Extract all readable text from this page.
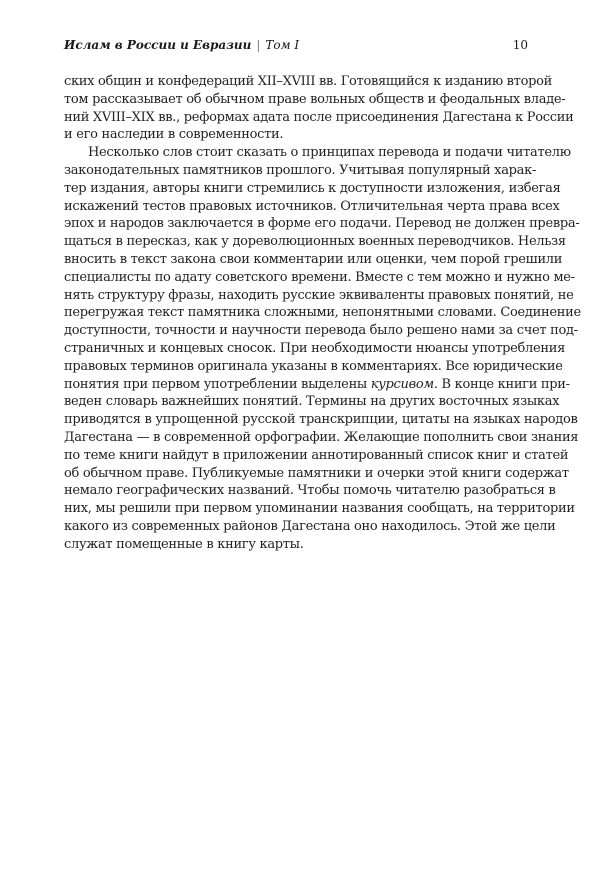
Ислам в России и Евразии | Том I	10
ских общин и конфедераций XII–XVIII вв. Готовящийся к изданию второй
том рассказывает об обычном праве вольных обществ и феодальных владе-
ний XVIII–XIX вв., реформах адата после присоединения Дагестана к России
и его наследии в современности.
Несколько слов стоит сказать о принципах перевода и подачи читателю
законодательных памятников прошлого. Учитывая популярный харак-
тер издания, авторы книги стремились к доступности изложения, избегая
искажений тестов правовых источников. Отличительная черта права всех
эпох и народов заключается в форме его подачи. Перевод не должен превра-
щаться в пересказ, как у дореволюционных военных переводчиков. Нельзя
вносить в текст закона свои комментарии или оценки, чем порой грешили
специалисты по адату советского времени. Вместе с тем можно и нужно ме-
нять структуру фразы, находить русские эквиваленты правовых понятий, не
перегружая текст памятника сложными, непонятными словами. Соединение
доступности, точности и научности перевода было решено нами за счет под-
страничных и концевых сносок. При необходимости нюансы употребления
правовых терминов оригинала указаны в комментариях. Все юридические
понятия при первом употреблении выделены курсивом. В конце книги при-
веден словарь важнейших понятий. Термины на других восточных языках
приводятся в упрощенной русской транскрипции, цитаты на языках народов
Дагестана — в современной орфографии. Желающие пополнить свои знания
по теме книги найдут в приложении аннотированный список книг и статей
об обычном праве. Публикуемые памятники и очерки этой книги содержат
немало географических названий. Чтобы помочь читателю разобраться в
них, мы решили при первом упоминании названия сообщать, на территории
какого из современных районов Дагестана оно находилось. Этой же цели
служат помещенные в книгу карты.
